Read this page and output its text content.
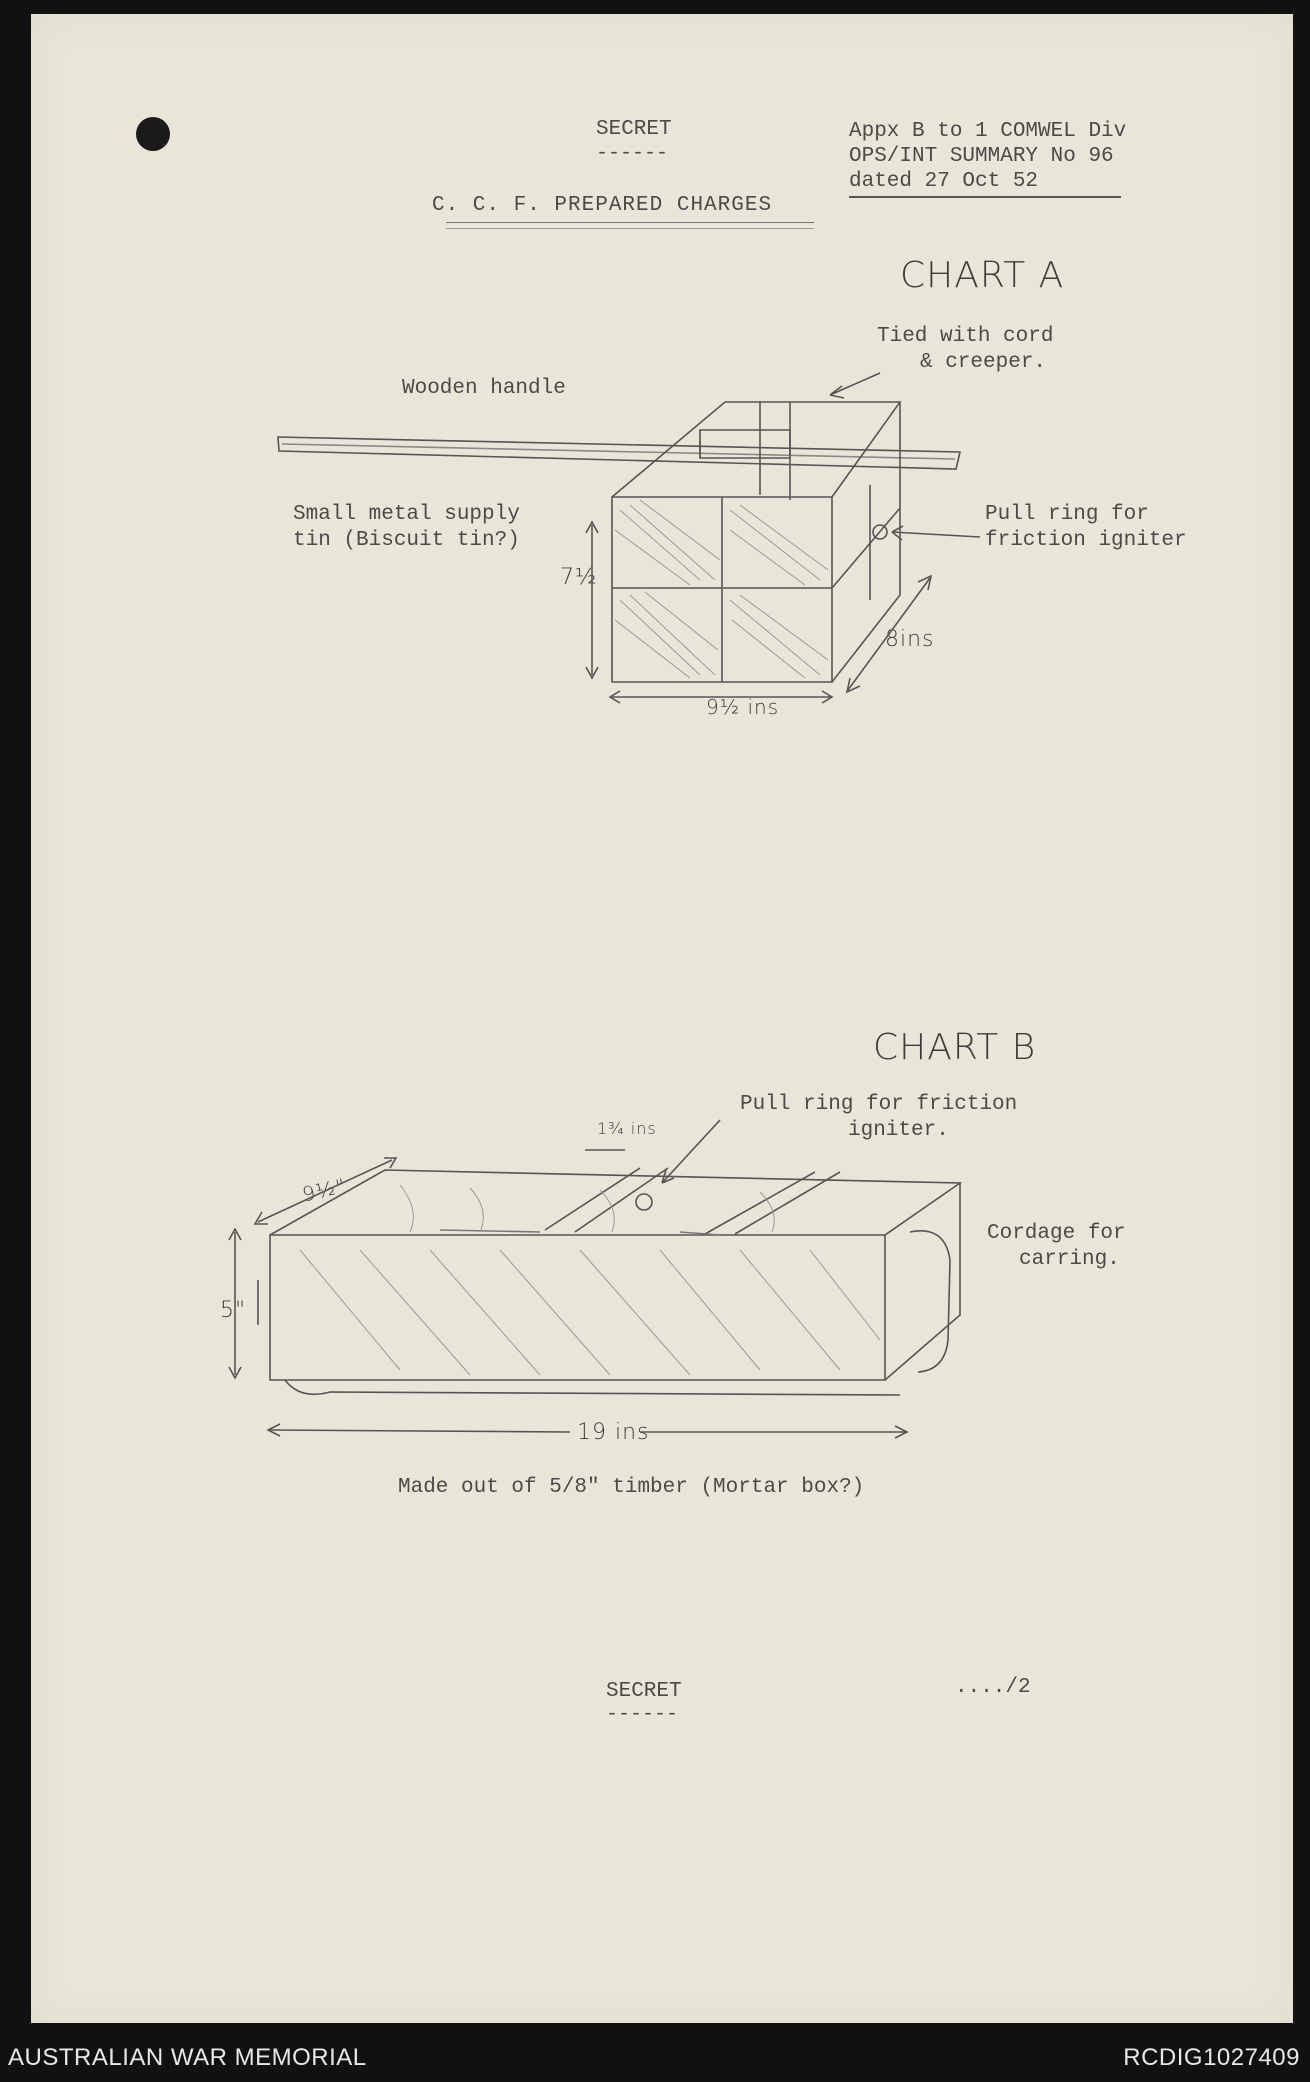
SECRET
------
Appx B to 1 COMWEL Div
OPS/INT SUMMARY No 96
dated 27 Oct 52
C. C. F. PREPARED CHARGES
CHART A
Tied with cord
& creeper.
Wooden handle
Small metal supply
tin (Biscuit tin?)
Pull ring for
friction igniter
7½
8ins
9½ ins
CHART B
Pull ring for friction
igniter.
Cordage for
carring.
9½"
1¾ ins
5"
19 ins
Made out of 5/8" timber (Mortar box?)
SECRET
------
..../2
AUSTRALIAN WAR MEMORIAL	RCDIG1027409
